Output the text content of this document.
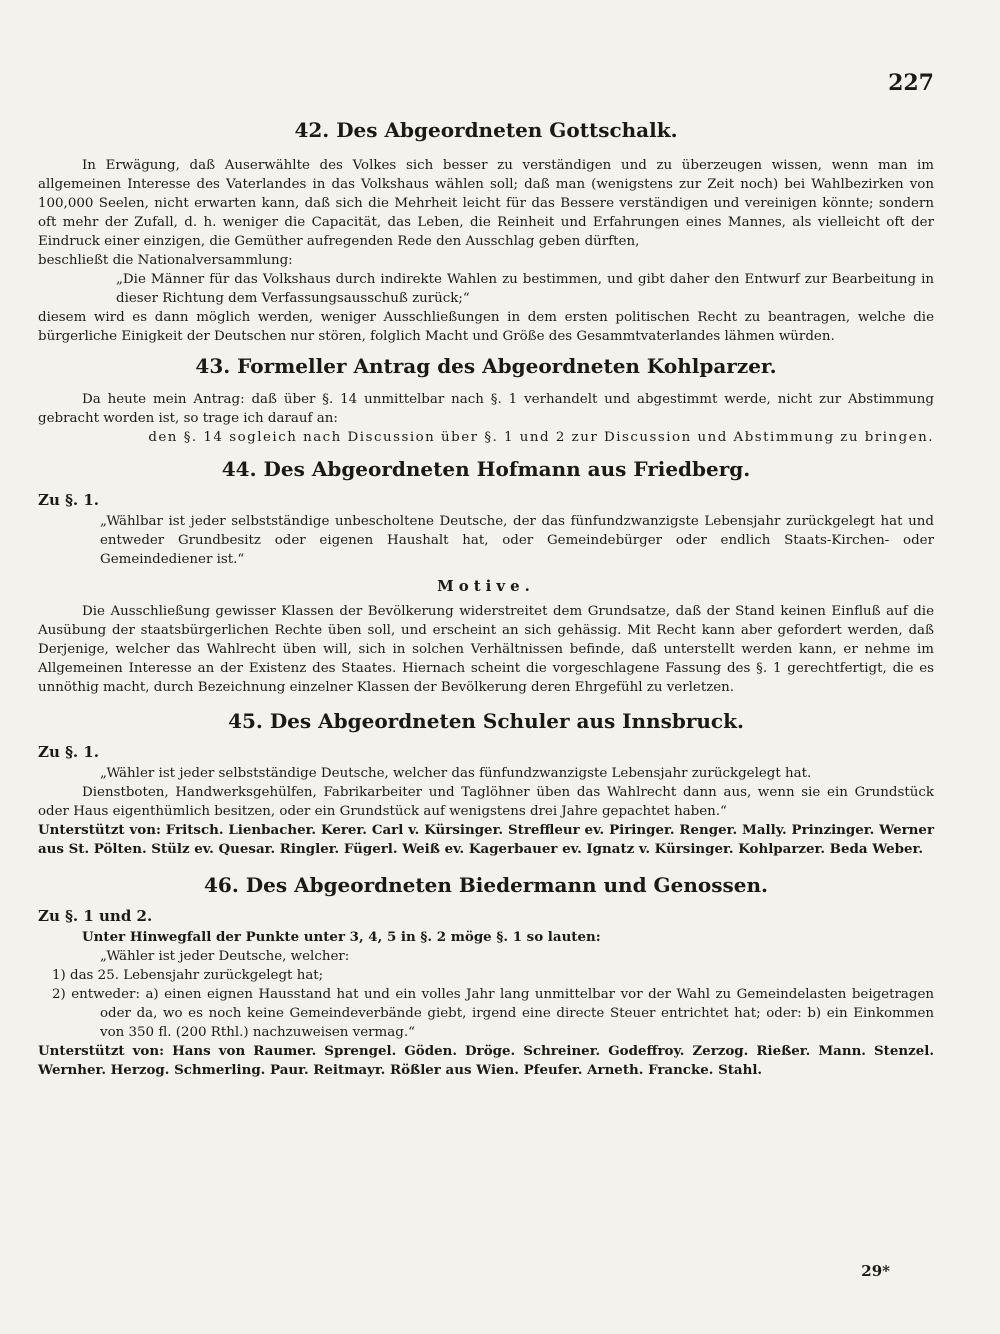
227
42. Des Abgeordneten Gottschalk.

In Erwägung, daß Auserwählte des Volkes sich besser zu verständigen und zu überzeugen wissen, wenn man im allgemeinen Interesse des Vaterlandes in das Volkshaus wählen soll; daß man (wenigstens zur Zeit noch) bei Wahlbezirken von 100,000 Seelen, nicht erwarten kann, daß sich die Mehrheit leicht für das Bessere verständigen und vereinigen könnte; sondern oft mehr der Zufall, d. h. weniger die Capacität, das Leben, die Reinheit und Erfahrungen eines Mannes, als vielleicht oft der Eindruck einer einzigen, die Gemüther aufregenden Rede den Ausschlag geben dürften,

beschließt die Nationalversammlung:

„Die Männer für das Volkshaus durch indirekte Wahlen zu bestimmen, und gibt daher den Entwurf zur Bearbeitung in dieser Richtung dem Verfassungsausschuß zurück;“

diesem wird es dann möglich werden, weniger Ausschließungen in dem ersten politischen Recht zu beantragen, welche die bürgerliche Einigkeit der Deutschen nur stören, folglich Macht und Größe des Gesammtvaterlandes lähmen würden.

43. Formeller Antrag des Abgeordneten Kohlparzer.

Da heute mein Antrag: daß über §. 14 unmittelbar nach §. 1 verhandelt und abgestimmt werde, nicht zur Abstimmung gebracht worden ist, so trage ich darauf an:

den §. 14 sogleich nach Discussion über §. 1 und 2 zur Discussion und Abstimmung zu bringen.

44. Des Abgeordneten Hofmann aus Friedberg.

Zu §. 1.

„Wählbar ist jeder selbstständige unbescholtene Deutsche, der das fünfundzwanzigste Lebensjahr zurückgelegt hat und entweder Grundbesitz oder eigenen Haushalt hat, oder Gemeindebürger oder endlich Staats-Kirchen- oder Gemeindediener ist.“

Motive.

Die Ausschließung gewisser Klassen der Bevölkerung widerstreitet dem Grundsatze, daß der Stand keinen Einfluß auf die Ausübung der staatsbürgerlichen Rechte üben soll, und erscheint an sich gehässig. Mit Recht kann aber gefordert werden, daß Derjenige, welcher das Wahlrecht üben will, sich in solchen Verhältnissen befinde, daß unterstellt werden kann, er nehme im Allgemeinen Interesse an der Existenz des Staates. Hiernach scheint die vorgeschlagene Fassung des §. 1 gerechtfertigt, die es unnöthig macht, durch Bezeichnung einzelner Klassen der Bevölkerung deren Ehrgefühl zu verletzen.

45. Des Abgeordneten Schuler aus Innsbruck.

Zu §. 1.

„Wähler ist jeder selbstständige Deutsche, welcher das fünfundzwanzigste Lebensjahr zurückgelegt hat.

Dienstboten, Handwerksgehülfen, Fabrikarbeiter und Taglöhner üben das Wahlrecht dann aus, wenn sie ein Grundstück oder Haus eigenthümlich besitzen, oder ein Grundstück auf wenigstens drei Jahre gepachtet haben.“

Unterstützt von: Fritsch. Lienbacher. Kerer. Carl v. Kürsinger. Streffleur ev. Piringer. Renger. Mally. Prinzinger. Werner aus St. Pölten. Stülz ev. Quesar. Ringler. Fügerl. Weiß ev. Kagerbauer ev. Ignatz v. Kürsinger. Kohlparzer. Beda Weber.

46. Des Abgeordneten Biedermann und Genossen.

Zu §. 1 und 2.

Unter Hinwegfall der Punkte unter 3, 4, 5 in §. 2 möge §. 1 so lauten:

„Wähler ist jeder Deutsche, welcher:

1) das 25. Lebensjahr zurückgelegt hat;

2) entweder: a) einen eignen Hausstand hat und ein volles Jahr lang unmittelbar vor der Wahl zu Gemeindelasten beigetragen oder da, wo es noch keine Gemeindeverbände giebt, irgend eine directe Steuer entrichtet hat; oder: b) ein Einkommen von 350 fl. (200 Rthl.) nachzuweisen vermag.“

Unterstützt von: Hans von Raumer. Sprengel. Göden. Dröge. Schreiner. Godeffroy. Zerzog. Rießer. Mann. Stenzel. Wernher. Herzog. Schmerling. Paur. Reitmayr. Rößler aus Wien. Pfeufer. Arneth. Francke. Stahl.

29*
